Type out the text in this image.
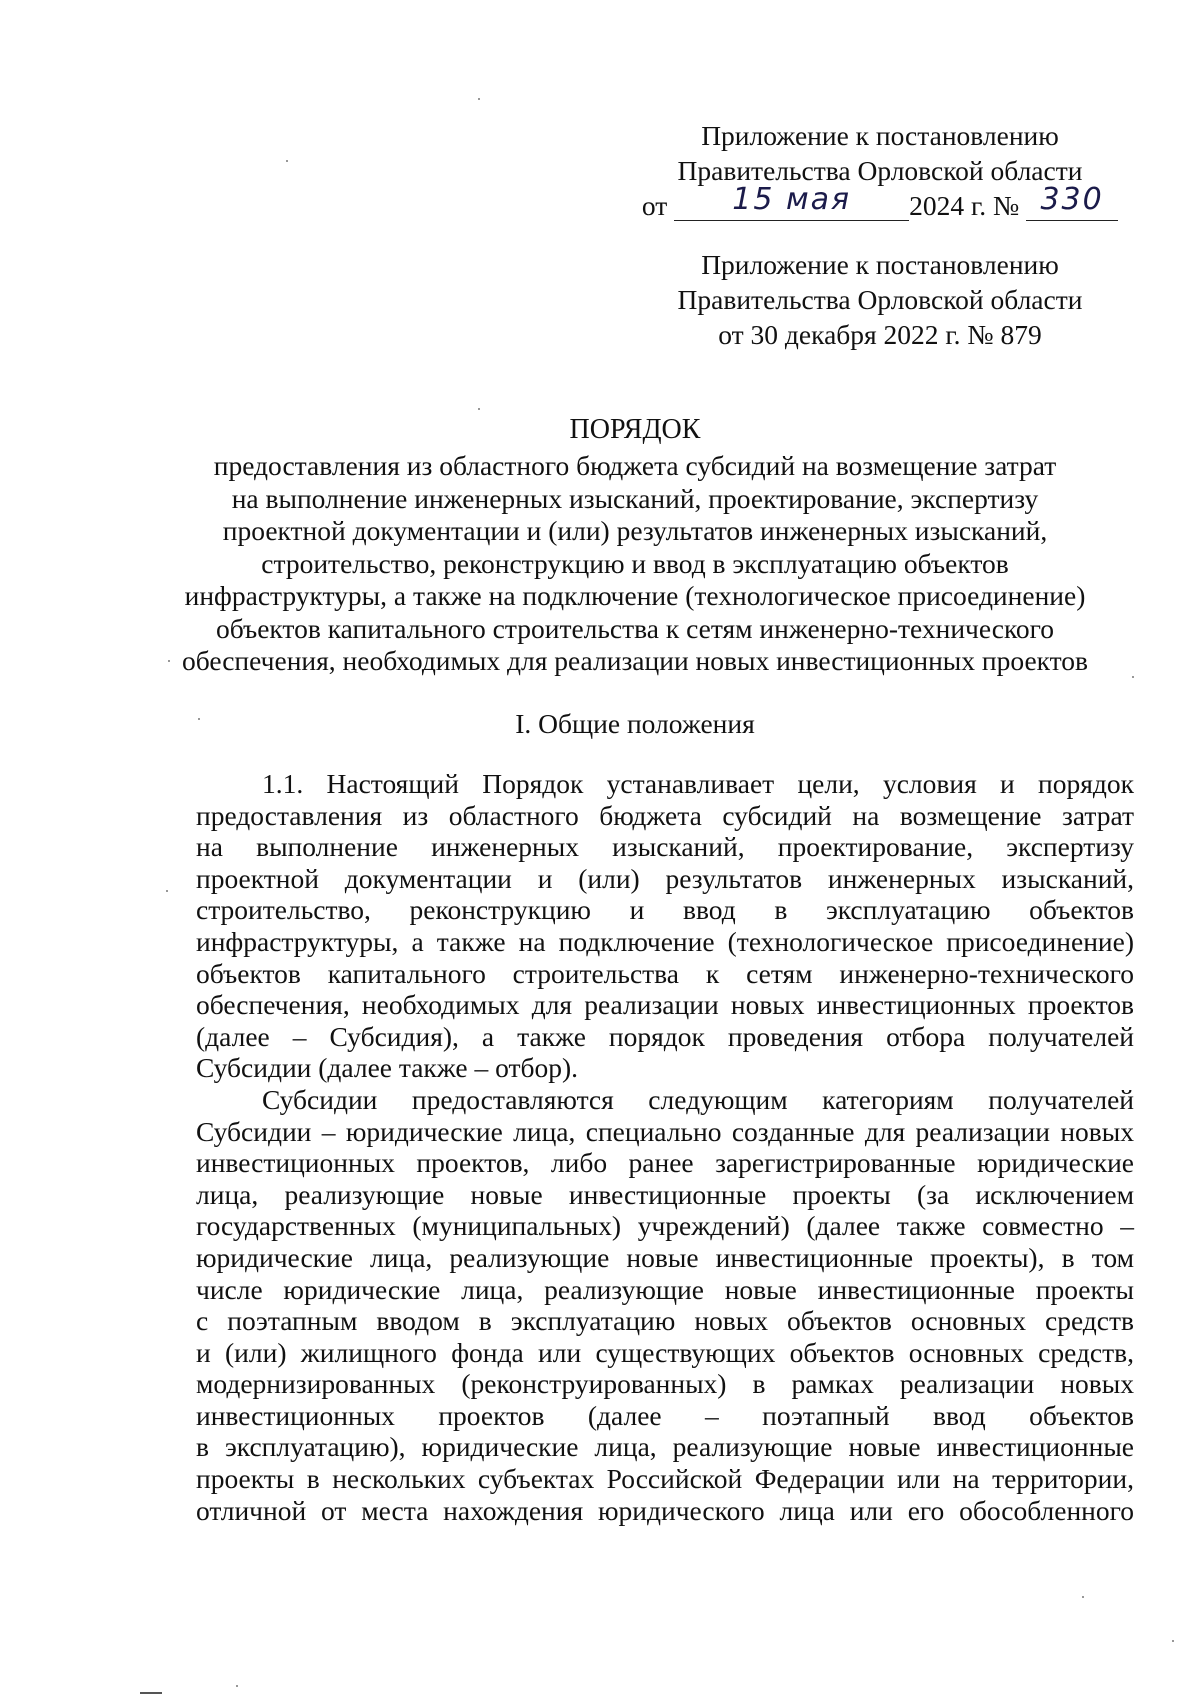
Приложение к постановлению
Правительства Орловской области
от 15 мая 2024 г. № 330
Приложение к постановлению
Правительства Орловской области
от 30 декабря 2022 г. № 879
ПОРЯДОК
предоставления из областного бюджета субсидий на возмещение затрат
на выполнение инженерных изысканий, проектирование, экспертизу
проектной документации и (или) результатов инженерных изысканий,
строительство, реконструкцию и ввод в эксплуатацию объектов
инфраструктуры, а также на подключение (технологическое присоединение)
объектов капитального строительства к сетям инженерно-технического
обеспечения, необходимых для реализации новых инвестиционных проектов
I. Общие положения
1.1. Настоящий Порядок устанавливает цели, условия и порядок
предоставления из областного бюджета субсидий на возмещение затрат
на выполнение инженерных изысканий, проектирование, экспертизу
проектной документации и (или) результатов инженерных изысканий,
строительство, реконструкцию и ввод в эксплуатацию объектов
инфраструктуры, а также на подключение (технологическое присоединение)
объектов капитального строительства к сетям инженерно-технического
обеспечения, необходимых для реализации новых инвестиционных проектов
(далее – Субсидия), а также порядок проведения отбора получателей
Субсидии (далее также – отбор).
Субсидии предоставляются следующим категориям получателей
Субсидии – юридические лица, специально созданные для реализации новых
инвестиционных проектов, либо ранее зарегистрированные юридические
лица, реализующие новые инвестиционные проекты (за исключением
государственных (муниципальных) учреждений) (далее также совместно –
юридические лица, реализующие новые инвестиционные проекты), в том
числе юридические лица, реализующие новые инвестиционные проекты
с поэтапным вводом в эксплуатацию новых объектов основных средств
и (или) жилищного фонда или существующих объектов основных средств,
модернизированных (реконструированных) в рамках реализации новых
инвестиционных проектов (далее – поэтапный ввод объектов
в эксплуатацию), юридические лица, реализующие новые инвестиционные
проекты в нескольких субъектах Российской Федерации или на территории,
отличной от места нахождения юридического лица или его обособленного
